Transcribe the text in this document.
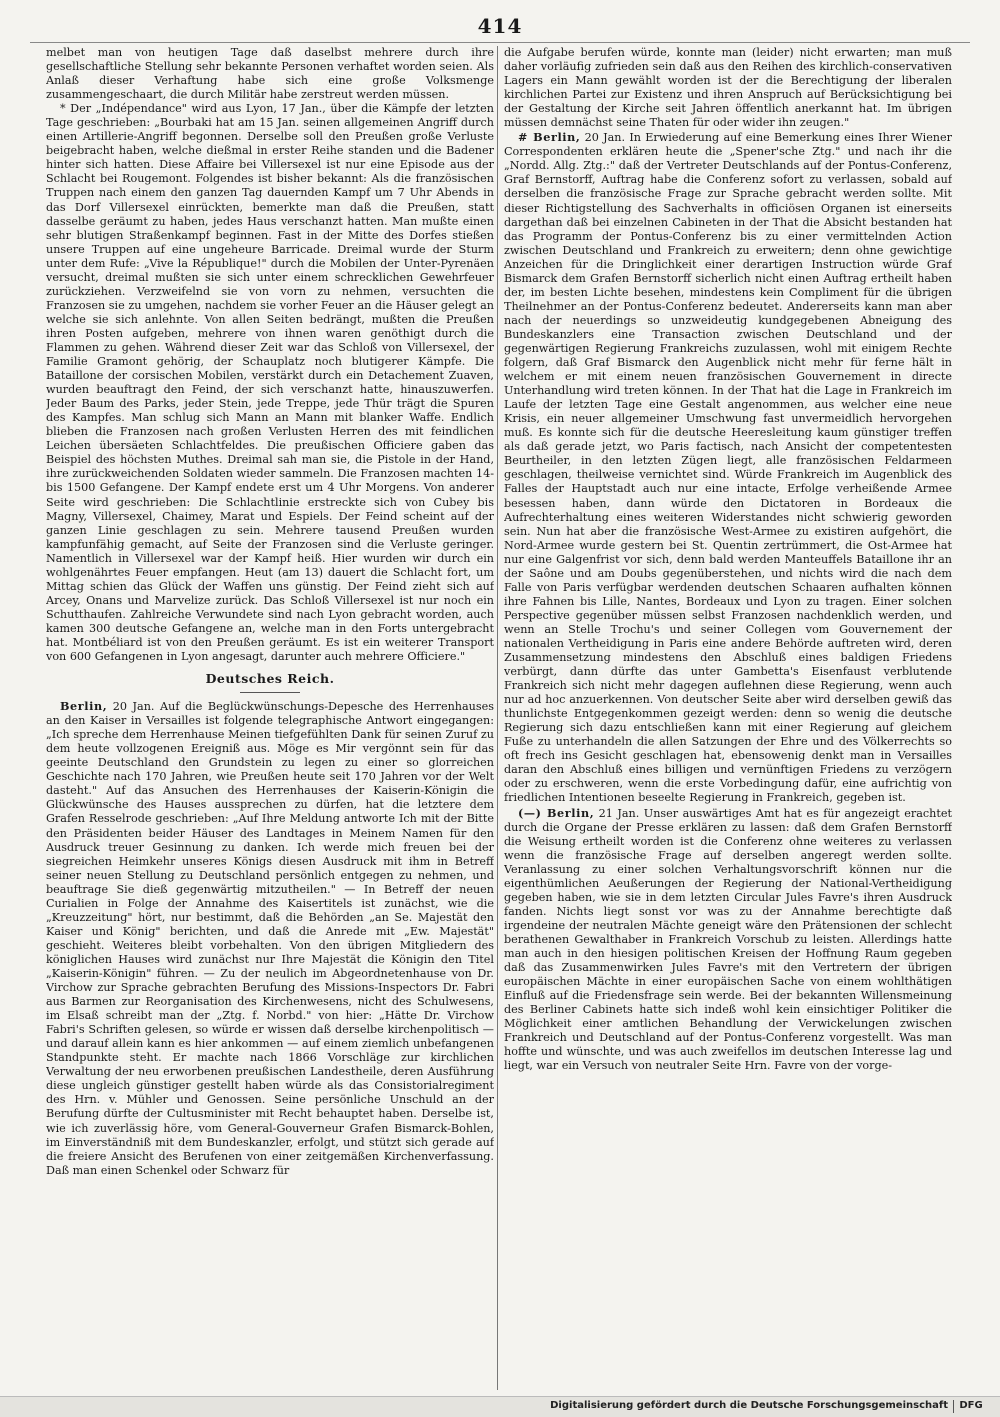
414

melbet man von heutigen Tage daß daselbst mehrere durch ihre gesellschaftliche Stellung sehr bekannte Personen verhaftet worden seien. Als Anlaß dieser Verhaftung habe sich eine große Volksmenge zusammengeschaart, die durch Militär habe zerstreut werden müssen.

* Der „Indépendance" wird aus Lyon, 17 Jan., über die Kämpfe der letzten Tage geschrieben: „Bourbaki hat am 15 Jan. seinen allgemeinen Angriff durch einen Artillerie-Angriff begonnen. Derselbe soll den Preußen große Verluste beigebracht haben, welche dießmal in erster Reihe standen und die Badener hinter sich hatten. Diese Affaire bei Villersexel ist nur eine Episode aus der Schlacht bei Rougemont. Folgendes ist bisher bekannt: Als die französischen Truppen nach einem den ganzen Tag dauernden Kampf um 7 Uhr Abends in das Dorf Villersexel einrückten, bemerkte man daß die Preußen, statt dasselbe geräumt zu haben, jedes Haus verschanzt hatten. Man mußte einen sehr blutigen Straßenkampf beginnen. Fast in der Mitte des Dorfes stießen unsere Truppen auf eine ungeheure Barricade. Dreimal wurde der Sturm unter dem Rufe: „Vive la République!" durch die Mobilen der Unter-Pyrenäen versucht, dreimal mußten sie sich unter einem schrecklichen Gewehrfeuer zurückziehen. Verzweifelnd sie von vorn zu nehmen, versuchten die Franzosen sie zu umgehen, nachdem sie vorher Feuer an die Häuser gelegt an welche sie sich anlehnte. Von allen Seiten bedrängt, mußten die Preußen ihren Posten aufgeben, mehrere von ihnen waren genöthigt durch die Flammen zu gehen. Während dieser Zeit war das Schloß von Villersexel, der Familie Gramont gehörig, der Schauplatz noch blutigerer Kämpfe. Die Bataillone der corsischen Mobilen, verstärkt durch ein Detachement Zuaven, wurden beauftragt den Feind, der sich verschanzt hatte, hinauszuwerfen. Jeder Baum des Parks, jeder Stein, jede Treppe, jede Thür trägt die Spuren des Kampfes. Man schlug sich Mann an Mann mit blanker Waffe. Endlich blieben die Franzosen nach großen Verlusten Herren des mit feindlichen Leichen übersäeten Schlachtfeldes. Die preußischen Officiere gaben das Beispiel des höchsten Muthes. Dreimal sah man sie, die Pistole in der Hand, ihre zurückweichenden Soldaten wieder sammeln. Die Franzosen machten 14- bis 1500 Gefangene. Der Kampf endete erst um 4 Uhr Morgens. Von anderer Seite wird geschrieben: Die Schlachtlinie erstreckte sich von Cubey bis Magny, Villersexel, Chaimey, Marat und Espiels. Der Feind scheint auf der ganzen Linie geschlagen zu sein. Mehrere tausend Preußen wurden kampfunfähig gemacht, auf Seite der Franzosen sind die Verluste geringer. Namentlich in Villersexel war der Kampf heiß. Hier wurden wir durch ein wohlgenährtes Feuer empfangen. Heut (am 13) dauert die Schlacht fort, um Mittag schien das Glück der Waffen uns günstig. Der Feind zieht sich auf Arcey, Onans und Marvelize zurück. Das Schloß Villersexel ist nur noch ein Schutthaufen. Zahlreiche Verwundete sind nach Lyon gebracht worden, auch kamen 300 deutsche Gefangene an, welche man in den Forts untergebracht hat. Montbéliard ist von den Preußen geräumt. Es ist ein weiterer Transport von 600 Gefangenen in Lyon angesagt, darunter auch mehrere Officiere."

Deutsches Reich.

Berlin, 20 Jan. Auf die Beglückwünschungs-Depesche des Herrenhauses an den Kaiser in Versailles ist folgende telegraphische Antwort eingegangen: „Ich spreche dem Herrenhause Meinen tiefgefühlten Dank für seinen Zuruf zu dem heute vollzogenen Ereigniß aus. Möge es Mir vergönnt sein für das geeinte Deutschland den Grundstein zu legen zu einer so glorreichen Geschichte nach 170 Jahren, wie Preußen heute seit 170 Jahren vor der Welt dasteht." Auf das Ansuchen des Herrenhauses der Kaiserin-Königin die Glückwünsche des Hauses aussprechen zu dürfen, hat die letztere dem Grafen Resselrode geschrieben: „Auf Ihre Meldung antworte Ich mit der Bitte den Präsidenten beider Häuser des Landtages in Meinem Namen für den Ausdruck treuer Gesinnung zu danken. Ich werde mich freuen bei der siegreichen Heimkehr unseres Königs diesen Ausdruck mit ihm in Betreff seiner neuen Stellung zu Deutschland persönlich entgegen zu nehmen, und beauftrage Sie dieß gegenwärtig mitzutheilen." — In Betreff der neuen Curialien in Folge der Annahme des Kaisertitels ist zunächst, wie die „Kreuzzeitung" hört, nur bestimmt, daß die Behörden „an Se. Majestät den Kaiser und König" berichten, und daß die Anrede mit „Ew. Majestät" geschieht. Weiteres bleibt vorbehalten. Von den übrigen Mitgliedern des königlichen Hauses wird zunächst nur Ihre Majestät die Königin den Titel „Kaiserin-Königin" führen. — Zu der neulich im Abgeordnetenhause von Dr. Virchow zur Sprache gebrachten Berufung des Missions-Inspectors Dr. Fabri aus Barmen zur Reorganisation des Kirchenwesens, nicht des Schulwesens, im Elsaß schreibt man der „Ztg. f. Norbd." von hier: „Hätte Dr. Virchow Fabri's Schriften gelesen, so würde er wissen daß derselbe kirchenpolitisch — und darauf allein kann es hier ankommen — auf einem ziemlich unbefangenen Standpunkte steht. Er machte nach 1866 Vorschläge zur kirchlichen Verwaltung der neu erworbenen preußischen Landestheile, deren Ausführung diese ungleich günstiger gestellt haben würde als das Consistorialregiment des Hrn. v. Mühler und Genossen. Seine persönliche Unschuld an der Berufung dürfte der Cultusminister mit Recht behauptet haben. Derselbe ist, wie ich zuverlässig höre, vom General-Gouverneur Grafen Bismarck-Bohlen, im Einverständniß mit dem Bundeskanzler, erfolgt, und stützt sich gerade auf die freiere Ansicht des Berufenen von einer zeitgemäßen Kirchenverfassung. Daß man einen Schenkel oder Schwarz für

die Aufgabe berufen würde, konnte man (leider) nicht erwarten; man muß daher vorläufig zufrieden sein daß aus den Reihen des kirchlich-conservativen Lagers ein Mann gewählt worden ist der die Berechtigung der liberalen kirchlichen Partei zur Existenz und ihren Anspruch auf Berücksichtigung bei der Gestaltung der Kirche seit Jahren öffentlich anerkannt hat. Im übrigen müssen demnächst seine Thaten für oder wider ihn zeugen."

# Berlin, 20 Jan. In Erwiederung auf eine Bemerkung eines Ihrer Wiener Correspondenten erklären heute die „Spener'sche Ztg." und nach ihr die „Nordd. Allg. Ztg.:" daß der Vertreter Deutschlands auf der Pontus-Conferenz, Graf Bernstorff, Auftrag habe die Conferenz sofort zu verlassen, sobald auf derselben die französische Frage zur Sprache gebracht werden sollte. Mit dieser Richtigstellung des Sachverhalts in officiösen Organen ist einerseits dargethan daß bei einzelnen Cabineten in der That die Absicht bestanden hat das Programm der Pontus-Conferenz bis zu einer vermittelnden Action zwischen Deutschland und Frankreich zu erweitern; denn ohne gewichtige Anzeichen für die Dringlichkeit einer derartigen Instruction würde Graf Bismarck dem Grafen Bernstorff sicherlich nicht einen Auftrag ertheilt haben der, im besten Lichte besehen, mindestens kein Compliment für die übrigen Theilnehmer an der Pontus-Conferenz bedeutet. Andererseits kann man aber nach der neuerdings so unzweideutig kundgegebenen Abneigung des Bundeskanzlers eine Transaction zwischen Deutschland und der gegenwärtigen Regierung Frankreichs zuzulassen, wohl mit einigem Rechte folgern, daß Graf Bismarck den Augenblick nicht mehr für ferne hält in welchem er mit einem neuen französischen Gouvernement in directe Unterhandlung wird treten können. In der That hat die Lage in Frankreich im Laufe der letzten Tage eine Gestalt angenommen, aus welcher eine neue Krisis, ein neuer allgemeiner Umschwung fast unvermeidlich hervorgehen muß. Es konnte sich für die deutsche Heeresleitung kaum günstiger treffen als daß gerade jetzt, wo Paris factisch, nach Ansicht der competentesten Beurtheiler, in den letzten Zügen liegt, alle französischen Feldarmeen geschlagen, theilweise vernichtet sind. Würde Frankreich im Augenblick des Falles der Hauptstadt auch nur eine intacte, Erfolge verheißende Armee besessen haben, dann würde den Dictatoren in Bordeaux die Aufrechterhaltung eines weiteren Widerstandes nicht schwierig geworden sein. Nun hat aber die französische West-Armee zu existiren aufgehört, die Nord-Armee wurde gestern bei St. Quentin zertrümmert, die Ost-Armee hat nur eine Galgenfrist vor sich, denn bald werden Manteuffels Bataillone ihr an der Saône und am Doubs gegenüberstehen, und nichts wird die nach dem Falle von Paris verfügbar werdenden deutschen Schaaren aufhalten können ihre Fahnen bis Lille, Nantes, Bordeaux und Lyon zu tragen. Einer solchen Perspective gegenüber müssen selbst Franzosen nachdenklich werden, und wenn an Stelle Trochu's und seiner Collegen vom Gouvernement der nationalen Vertheidigung in Paris eine andere Behörde auftreten wird, deren Zusammensetzung mindestens den Abschluß eines baldigen Friedens verbürgt, dann dürfte das unter Gambetta's Eisenfaust verblutende Frankreich sich nicht mehr dagegen auflehnen diese Regierung, wenn auch nur ad hoc anzuerkennen. Von deutscher Seite aber wird derselben gewiß das thunlichste Entgegenkommen gezeigt werden: denn so wenig die deutsche Regierung sich dazu entschließen kann mit einer Regierung auf gleichem Fuße zu unterhandeln die allen Satzungen der Ehre und des Völkerrechts so oft frech ins Gesicht geschlagen hat, ebensowenig denkt man in Versailles daran den Abschluß eines billigen und vernünftigen Friedens zu verzögern oder zu erschweren, wenn die erste Vorbedingung dafür, eine aufrichtig von friedlichen Intentionen beseelte Regierung in Frankreich, gegeben ist.

(—) Berlin, 21 Jan. Unser auswärtiges Amt hat es für angezeigt erachtet durch die Organe der Presse erklären zu lassen: daß dem Grafen Bernstorff die Weisung ertheilt worden ist die Conferenz ohne weiteres zu verlassen wenn die französische Frage auf derselben angeregt werden sollte. Veranlassung zu einer solchen Verhaltungsvorschrift können nur die eigenthümlichen Aeußerungen der Regierung der National-Vertheidigung gegeben haben, wie sie in dem letzten Circular Jules Favre's ihren Ausdruck fanden. Nichts liegt sonst vor was zu der Annahme berechtigte daß irgendeine der neutralen Mächte geneigt wäre den Prätensionen der schlecht berathenen Gewalthaber in Frankreich Vorschub zu leisten. Allerdings hatte man auch in den hiesigen politischen Kreisen der Hoffnung Raum gegeben daß das Zusammenwirken Jules Favre's mit den Vertretern der übrigen europäischen Mächte in einer europäischen Sache von einem wohlthätigen Einfluß auf die Friedensfrage sein werde. Bei der bekannten Willensmeinung des Berliner Cabinets hatte sich indeß wohl kein einsichtiger Politiker die Möglichkeit einer amtlichen Behandlung der Verwickelungen zwischen Frankreich und Deutschland auf der Pontus-Conferenz vorgestellt. Was man hoffte und wünschte, und was auch zweifellos im deutschen Interesse lag und liegt, war ein Versuch von neutraler Seite Hrn. Favre von der vorge-

Digitalisierung gefördert durch die Deutsche Forschungsgemeinschaft	DFG
